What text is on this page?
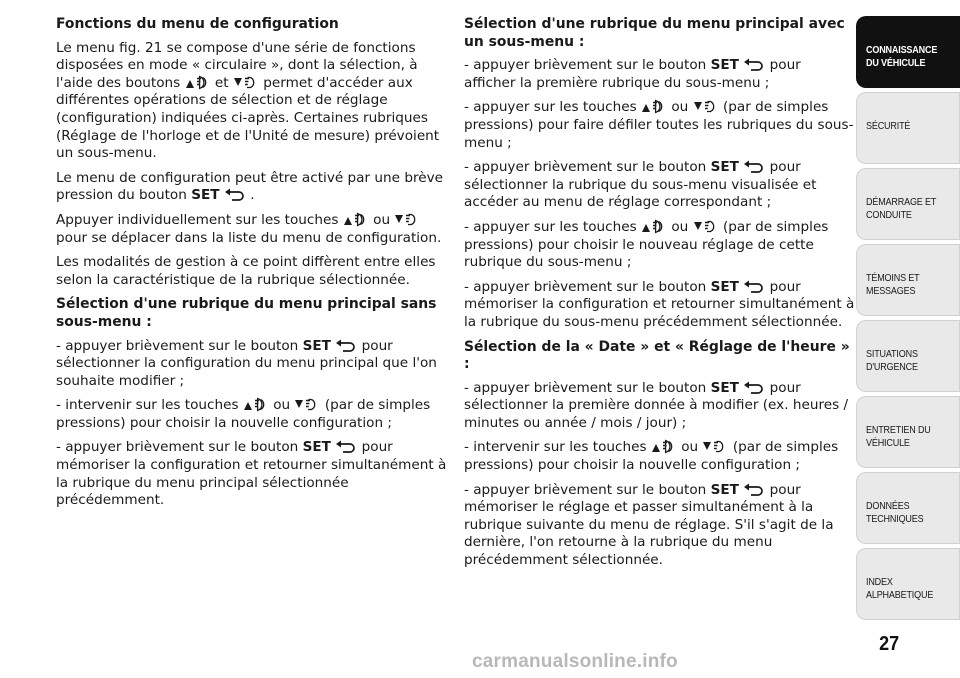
Fonctions du menu de configuration

Le menu fig. 21 se compose d'une série de fonctions disposées en mode « circulaire », dont la sélection, à l'aide des boutons	et	permet d'accéder aux différentes opérations de sélection et de réglage (configuration) indiquées ci-après. Certaines rubriques (Réglage de l'horloge et de l'Unité de mesure) prévoient un sous-menu.

Le menu de configuration peut être activé par une brève pression du bouton SET .

Appuyer individuellement sur les touches	ou
pour se déplacer dans la liste du menu de configuration.

Les modalités de gestion à ce point diffèrent entre elles selon la caractéristique de la rubrique sélectionnée.

Sélection d'une rubrique du menu principal sans sous-menu :

- appuyer brièvement sur le bouton SET pour sélectionner la configuration du menu principal que l'on souhaite modifier ;

- intervenir sur les touches	ou	(par de simples pressions) pour choisir la nouvelle configuration ;

- appuyer brièvement sur le bouton SET pour mémoriser la configuration et retourner simultanément à la rubrique du menu principal sélectionnée précédemment.

Sélection d'une rubrique du menu principal avec un sous-menu :

- appuyer brièvement sur le bouton SET pour afficher la première rubrique du sous-menu ;

- appuyer sur les touches	ou	(par de simples pressions) pour faire défiler toutes les rubriques du sous-menu ;

- appuyer brièvement sur le bouton SET pour sélectionner la rubrique du sous-menu visualisée et accéder au menu de réglage correspondant ;

- appuyer sur les touches	ou	(par de simples pressions) pour choisir le nouveau réglage de cette rubrique du sous-menu ;

- appuyer brièvement sur le bouton SET pour mémoriser la configuration et retourner simultanément à la rubrique du sous-menu précédemment sélectionnée.

Sélection de la « Date » et « Réglage de l'heure » :

- appuyer brièvement sur le bouton SET pour sélectionner la première donnée à modifier (ex. heures / minutes ou année / mois / jour) ;

- intervenir sur les touches	ou	(par de simples pressions) pour choisir la nouvelle configuration ;

- appuyer brièvement sur le bouton SET pour mémoriser le réglage et passer simultanément à la rubrique suivante du menu de réglage. S'il s'agit de la dernière, l'on retourne à la rubrique du menu précédemment sélectionnée.

CONNAISSANCE DU VÉHICULE
SÉCURITÉ
DÉMARRAGE ET CONDUITE
TÉMOINS ET MESSAGES
SITUATIONS D'URGENCE
ENTRETIEN DU VÉHICULE
DONNÉES TECHNIQUES
INDEX ALPHABETIQUE
27
carmanualsonline.info
